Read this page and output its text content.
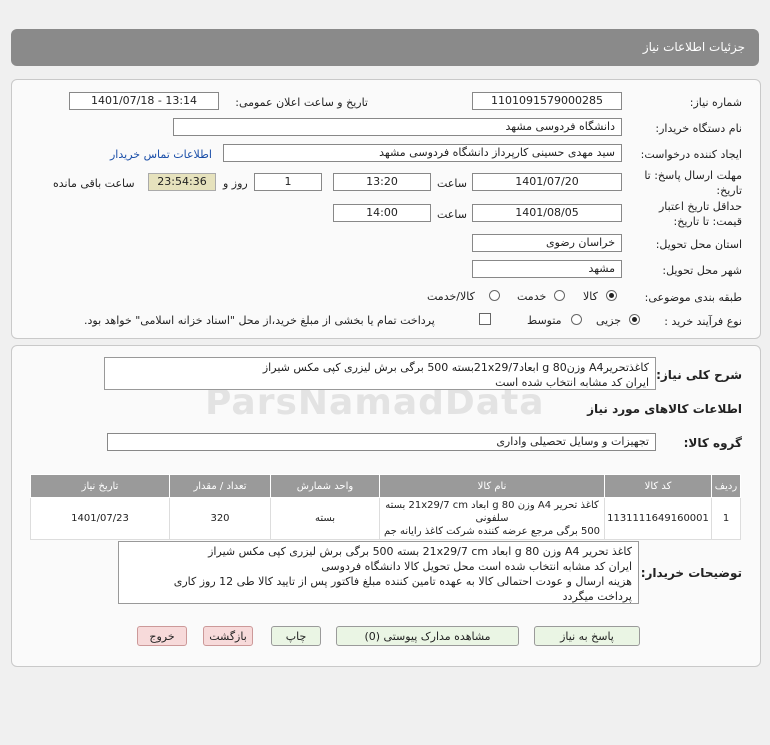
جزئیات اطلاعات نیاز
شماره نیاز:
1101091579000285
تاریخ و ساعت اعلان عمومی:
1401/07/18 - 13:14
نام دستگاه خریدار:
دانشگاه فردوسی مشهد
ایجاد کننده درخواست:
سید مهدی حسینی کارپرداز دانشگاه فردوسی مشهد
اطلاعات تماس خریدار
مهلت ارسال پاسخ: تا
تاریخ:
1401/07/20
ساعت
13:20
1
روز و
23:54:36
ساعت باقی مانده
حداقل تاریخ اعتبار
قیمت: تا تاریخ:
1401/08/05
ساعت
14:00
استان محل تحویل:
خراسان رضوی
شهر محل تحویل:
مشهد
طبقه بندی موضوعی:
کالا
خدمت
کالا/خدمت
نوع فرآیند خرید :
جزیی
متوسط
پرداخت تمام یا بخشی از مبلغ خرید،از محل "اسناد خزانه اسلامی" خواهد بود.
شرح کلی نیاز:
کاغذتحریرA4 وزن80 g ابعاد21x29/7بسته 500 برگی برش لیزری کپی مکس شیراز
ایران کد مشابه انتخاب شده است
اطلاعات کالاهای مورد نیاز
گروه کالا:
تجهیزات و وسایل تحصیلی واداری
ردیف	کد کالا	نام کالا	واحد شمارش	تعداد / مقدار	تاریخ نیاز
1	1131111649160001	کاغذ تحریر A4 وزن 80 g ابعاد 21x29/7 cm بسته سلفونی
500 برگی مرجع عرضه کننده شرکت کاغذ رایانه جم	بسته	320	1401/07/23
توضیحات خریدار:
کاغذ تحریر A4 وزن 80 g ابعاد 21x29/7 cm بسته 500 برگی برش لیزری کپی مکس شیراز
ایران کد مشابه انتخاب شده است محل تحویل کالا دانشگاه فردوسی
هزینه ارسال و عودت احتمالی کالا به عهده تامین کننده مبلغ فاکتور پس از تایید کالا طی 12 روز کاری
پرداخت میگردد
پاسخ به نیاز
مشاهده مدارک پیوستی (0)
چاپ
بازگشت
خروج
